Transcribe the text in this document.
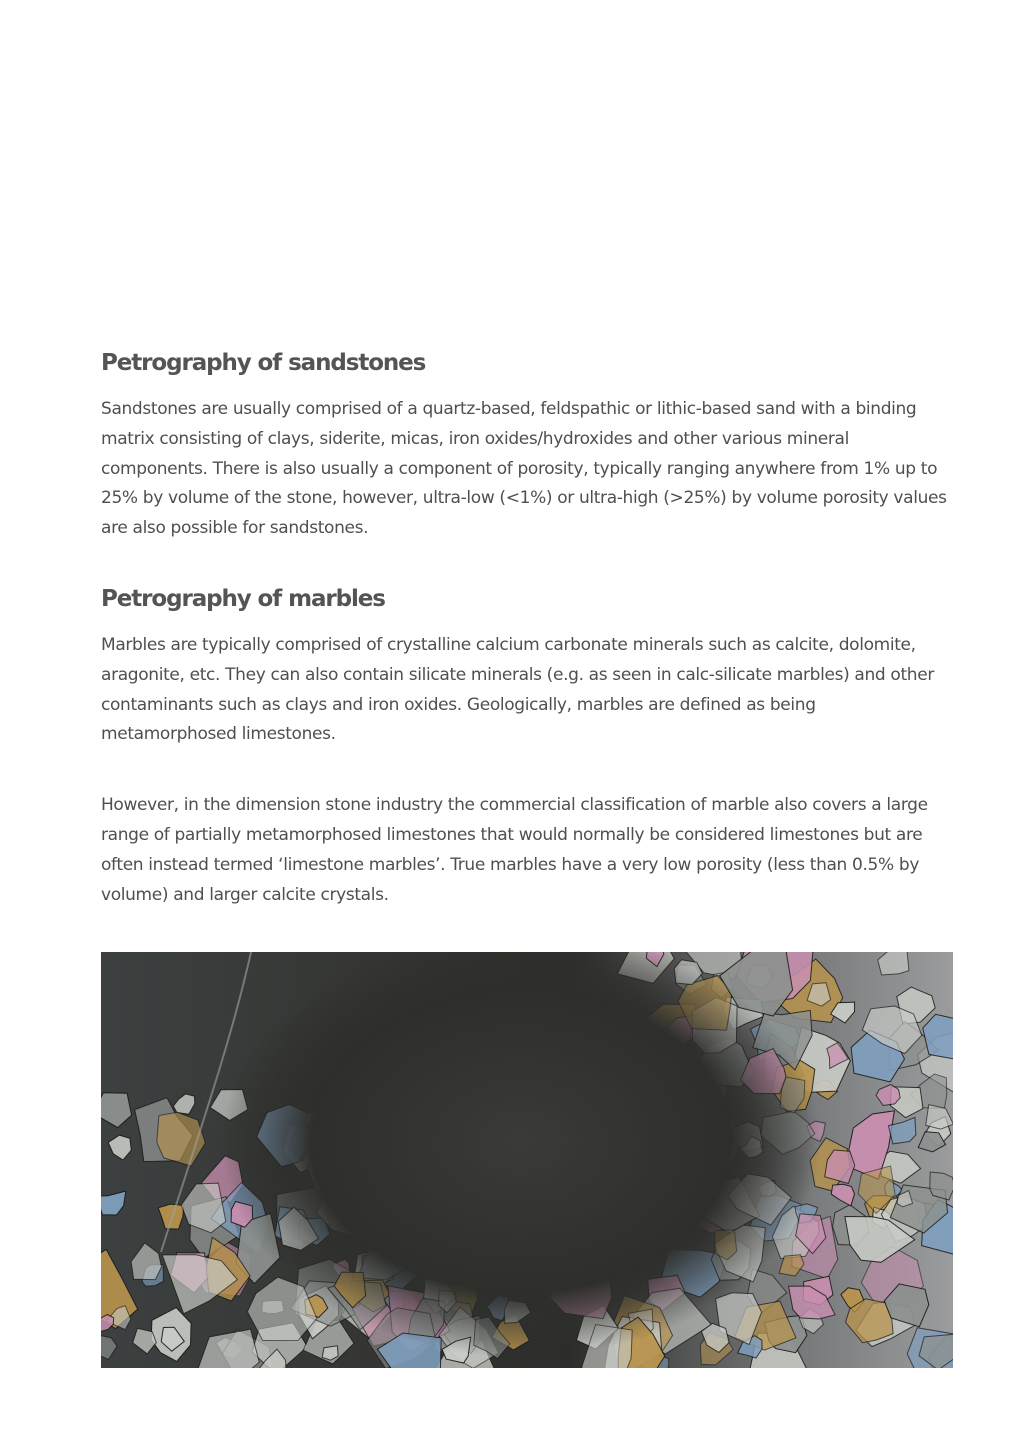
Petrography of sandstones

Sandstones are usually comprised of a quartz-based, feldspathic or lithic-based sand with a binding matrix consisting of clays, siderite, micas, iron oxides/hydroxides and other various mineral components. There is also usually a component of porosity, typically ranging anywhere from 1% up to 25% by volume of the stone, however, ultra-low (<1%) or ultra-high (>25%) by volume porosity values are also possible for sandstones.

Petrography of marbles

Marbles are typically comprised of crystalline calcium carbonate minerals such as calcite, dolomite, aragonite, etc. They can also contain silicate minerals (e.g. as seen in calc-silicate marbles) and other contaminants such as clays and iron oxides. Geologically, marbles are defined as being metamorphosed limestones.

However, in the dimension stone industry the commercial classification of marble also covers a large range of partially metamorphosed limestones that would normally be considered limestones but are often instead termed ‘limestone marbles’. True marbles have a very low porosity (less than 0.5% by volume) and larger calcite crystals.
